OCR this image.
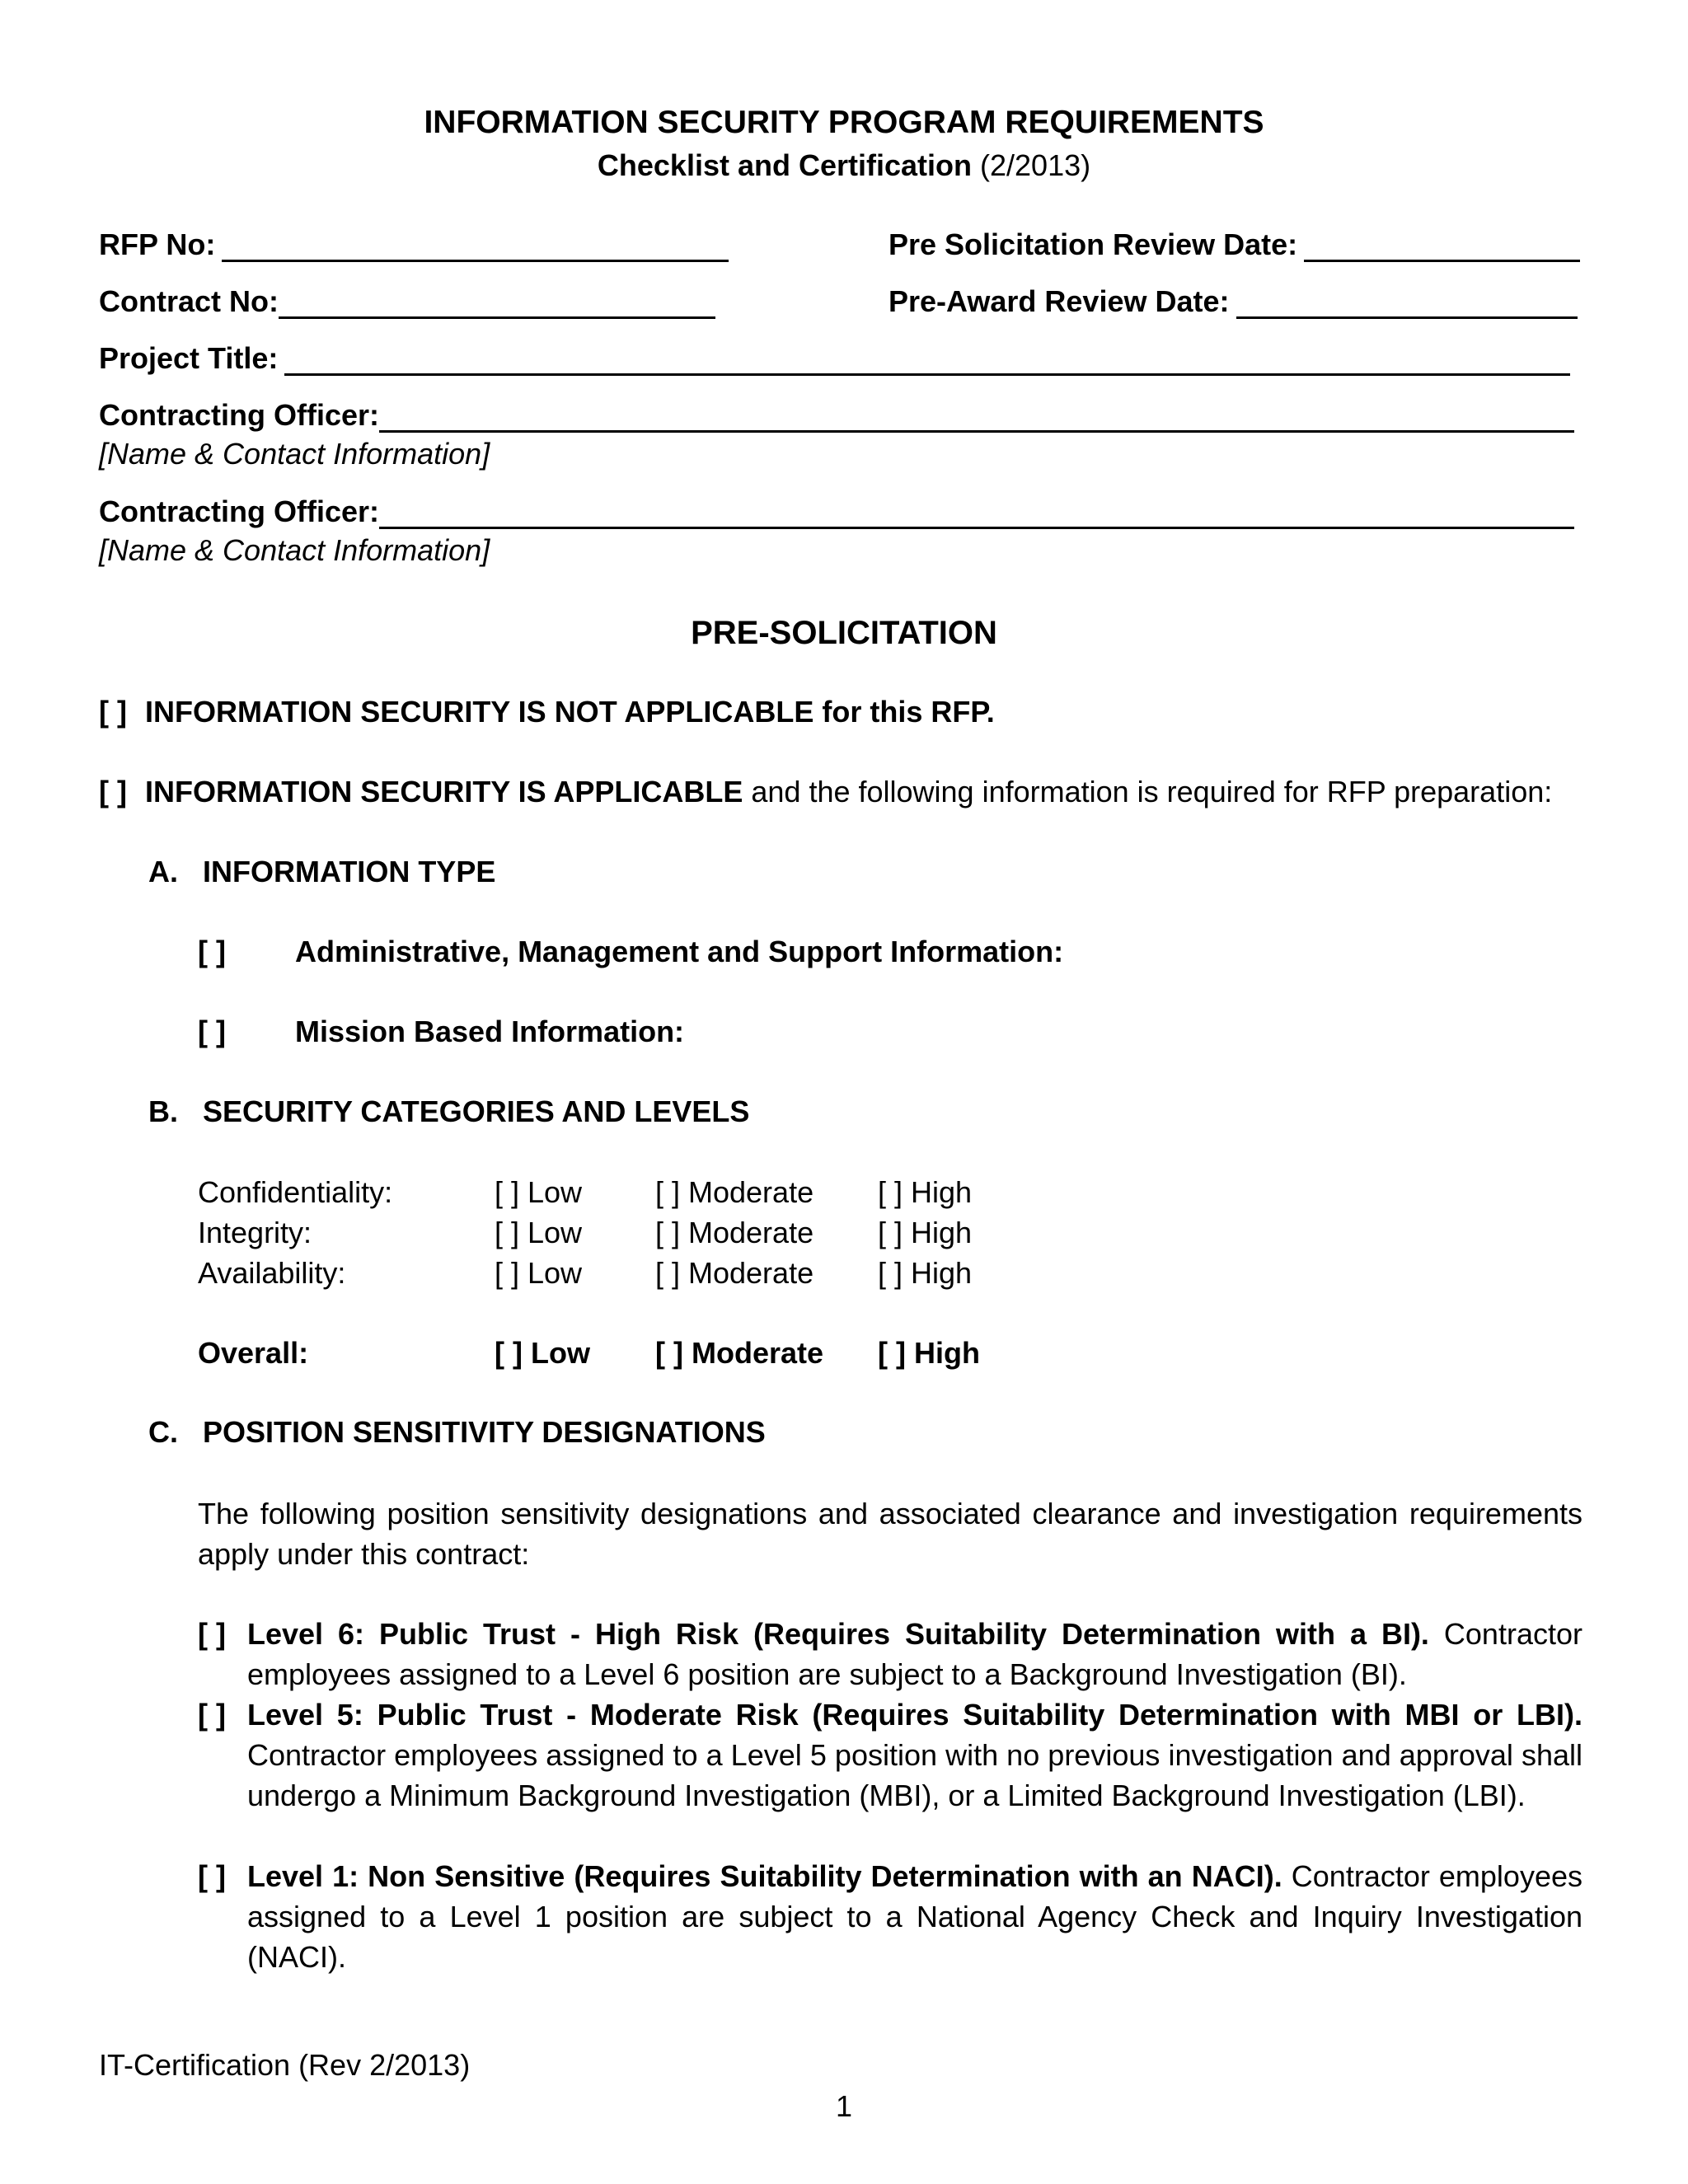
INFORMATION SECURITY PROGRAM REQUIREMENTS
Checklist and Certification (2/2013)
RFP No:	Pre Solicitation Review Date:
Contract No:	Pre-Award Review Date:
Project Title:
Contracting Officer:
[Name & Contact Information]
Contracting Officer:
[Name & Contact Information]
PRE-SOLICITATION
[ ] INFORMATION SECURITY IS NOT APPLICABLE for this RFP.
[ ] INFORMATION SECURITY IS APPLICABLE and the following information is required for RFP preparation:
A. INFORMATION TYPE
[ ] Administrative, Management and Support Information:
[ ] Mission Based Information:
B. SECURITY CATEGORIES AND LEVELS
Confidentiality:	[ ] Low [ ] Moderate [ ] High
Integrity:	[ ] Low [ ] Moderate [ ] High
Availability:	[ ] Low [ ] Moderate [ ] High
Overall:	[ ] Low [ ] Moderate [ ] High
C. POSITION SENSITIVITY DESIGNATIONS
The following position sensitivity designations and associated clearance and investigation requirements apply under this contract:
[ ] Level 6: Public Trust - High Risk (Requires Suitability Determination with a BI). Contractor employees assigned to a Level 6 position are subject to a Background Investigation (BI).
[ ] Level 5: Public Trust - Moderate Risk (Requires Suitability Determination with MBI or LBI). Contractor employees assigned to a Level 5 position with no previous investigation and approval shall undergo a Minimum Background Investigation (MBI), or a Limited Background Investigation (LBI).
[ ] Level 1: Non Sensitive (Requires Suitability Determination with an NACI). Contractor employees assigned to a Level 1 position are subject to a National Agency Check and Inquiry Investigation (NACI).
IT-Certification (Rev 2/2013)
1
